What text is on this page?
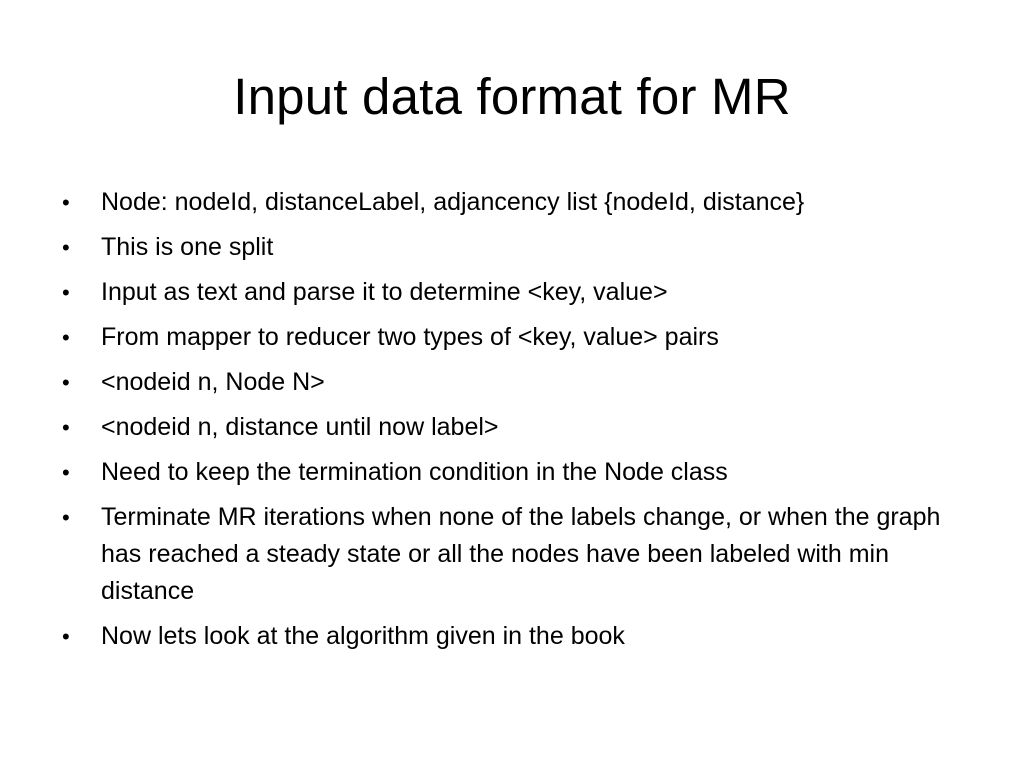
Input data format for MR
•	Node: nodeId, distanceLabel, adjancency list {nodeId, distance}
•	This is one split
•	Input as text and parse it to determine <key, value>
•	From mapper to reducer two types of <key, value> pairs
•	<nodeid n, Node N>
•	<nodeid n, distance until now label>
•	Need to keep the termination condition in the Node class
•	Terminate MR iterations when none of the labels change, or when the graph has reached a steady state or all the nodes have been labeled with min distance
•	Now lets look at the algorithm given in the book
